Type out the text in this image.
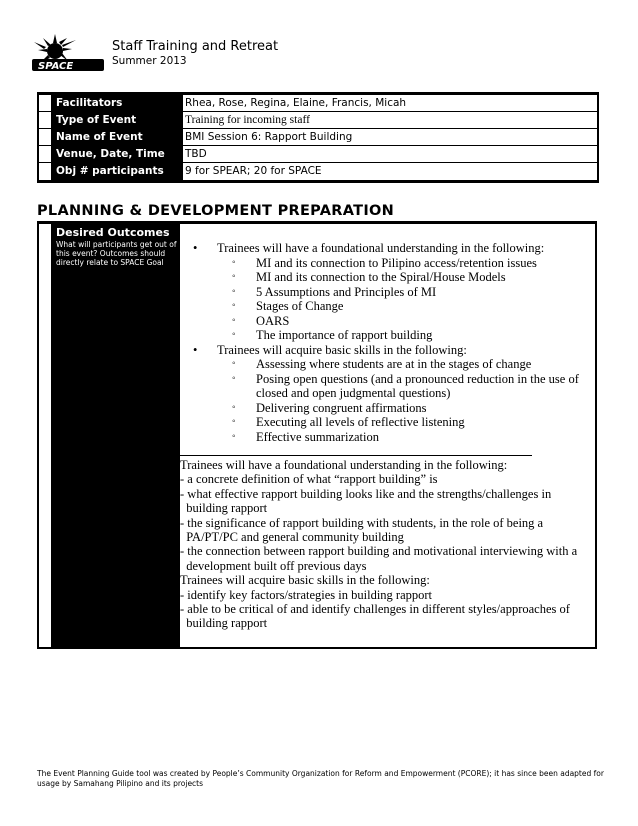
SPACE
Staff Training and Retreat
Summer 2013
Facilitators	Rhea, Rose, Regina, Elaine, Francis, Micah
Type of Event	Training for incoming staff
Name of Event	BMI Session 6: Rapport Building
Venue, Date, Time	TBD
Obj # participants	9 for SPEAR; 20 for SPACE
PLANNING & DEVELOPMENT PREPARATION
Desired Outcomes
What will participants get out of this event? Outcomes should directly relate to SPACE Goal
• Trainees will have a foundational understanding in the following:
◦ MI and its connection to Pilipino access/retention issues
◦ MI and its connection to the Spiral/House Models
◦ 5 Assumptions and Principles of MI
◦ Stages of Change
◦ OARS
◦ The importance of rapport building
• Trainees will acquire basic skills in the following:
◦ Assessing where students are at in the stages of change
◦ Posing open questions (and a pronounced reduction in the use of
closed and open judgmental questions)
◦ Delivering congruent affirmations
◦ Executing all levels of reflective listening
◦ Effective summarization
Trainees will have a foundational understanding in the following:
- a concrete definition of what “rapport building” is
- what effective rapport building looks like and the strengths/challenges in
building rapport
- the significance of rapport building with students, in the role of being a
PA/PT/PC and general community building
- the connection between rapport building and motivational interviewing with a
development built off previous days
Trainees will acquire basic skills in the following:
- identify key factors/strategies in building rapport
- able to be critical of and identify challenges in different styles/approaches of
building rapport
The Event Planning Guide tool was created by People’s Community Organization for Reform and Empowerment (PCORE); it has since been adapted for usage by Samahang Pilipino and its projects
